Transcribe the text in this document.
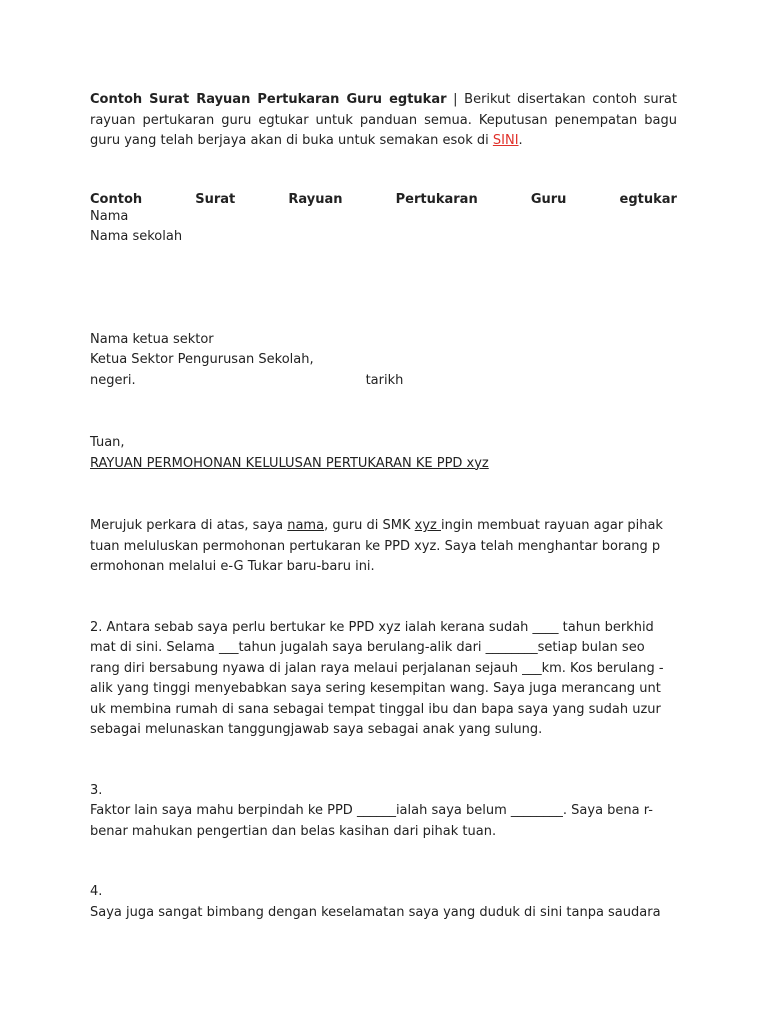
Contoh Surat Rayuan Pertukaran Guru egtukar | Berikut disertakan contoh surat rayuan pertukaran guru egtukar untuk panduan semua. Keputusan penempatan bagu guru yang telah berjaya akan di buka untuk semakan esok di SINI.

Contoh	Surat	Rayuan	Pertukaran	Guru	egtukar

Nama

Nama sekolah

Nama ketua sektor

Ketua Sektor Pengurusan Sekolah,

negeri.	tarikh

Tuan,

RAYUAN PERMOHONAN KELULUSAN PERTUKARAN KE PPD xyz

Merujuk perkara di atas, saya nama, guru di SMK xyz ingin membuat rayuan agar pihak tuan meluluskan permohonan pertukaran ke PPD xyz. Saya telah menghantar borang p ermohonan melalui e-G Tukar baru-baru ini.

2. Antara sebab saya perlu bertukar ke PPD xyz ialah kerana sudah ____ tahun berkhid mat di sini. Selama ___tahun jugalah saya berulang-alik dari ________setiap bulan seo rang diri bersabung nyawa di jalan raya melaui perjalanan sejauh ___km. Kos berulang -alik yang tinggi menyebabkan saya sering kesempitan wang. Saya juga merancang unt uk membina rumah di sana sebagai tempat tinggal ibu dan bapa saya yang sudah uzur sebagai melunaskan tanggungjawab saya sebagai anak yang sulung.

3.

Faktor lain saya mahu berpindah ke PPD ______ialah saya belum ________. Saya bena r-benar mahukan pengertian dan belas kasihan dari pihak tuan.

4.

Saya juga sangat bimbang dengan keselamatan saya yang duduk di sini tanpa saudara
